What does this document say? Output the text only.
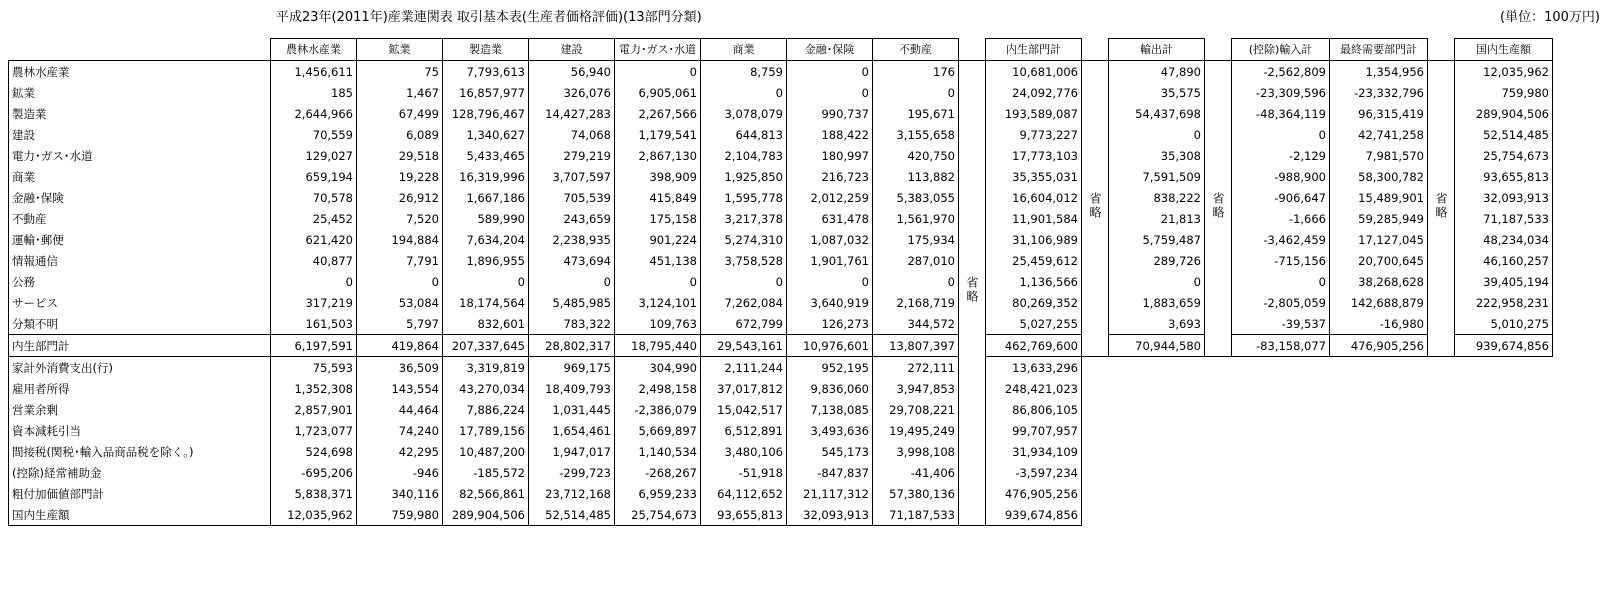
平成23年(2011年)産業連関表 取引基本表(生産者価格評価)(13部門分類)	(単位：100万円)
	農林水産業	鉱業	製造業	建設	電力･ガス･水道	商業	金融･保険	不動産		内生部門計		輸出計		(控除)輸入計	最終需要部門計		国内生産額
農林水産業	1,456,611	75	7,793,613	56,940	0	8,759	0	176	省略	10,681,006	省略	47,890	省略	-2,562,809	1,354,956	省略	12,035,962
鉱業	185	1,467	16,857,977	326,076	6,905,061	0	0	0		24,092,776		35,575		-23,309,596	-23,332,796		759,980
製造業	2,644,966	67,499	128,796,467	14,427,283	2,267,566	3,078,079	990,737	195,671		193,589,087		54,437,698		-48,364,119	96,315,419		289,904,506
建設	70,559	6,089	1,340,627	74,068	1,179,541	644,813	188,422	3,155,658		9,773,227		0		0	42,741,258		52,514,485
電力･ガス･水道	129,027	29,518	5,433,465	279,219	2,867,130	2,104,783	180,997	420,750		17,773,103		35,308		-2,129	7,981,570		25,754,673
商業	659,194	19,228	16,319,996	3,707,597	398,909	1,925,850	216,723	113,882		35,355,031		7,591,509		-988,900	58,300,782		93,655,813
金融･保険	70,578	26,912	1,667,186	705,539	415,849	1,595,778	2,012,259	5,383,055		16,604,012		838,222		-906,647	15,489,901		32,093,913
不動産	25,452	7,520	589,990	243,659	175,158	3,217,378	631,478	1,561,970		11,901,584		21,813		-1,666	59,285,949		71,187,533
運輸･郵便	621,420	194,884	7,634,204	2,238,935	901,224	5,274,310	1,087,032	175,934		31,106,989		5,759,487		-3,462,459	17,127,045		48,234,034
情報通信	40,877	7,791	1,896,955	473,694	451,138	3,758,528	1,901,761	287,010		25,459,612		289,726		-715,156	20,700,645		46,160,257
公務	0	0	0	0	0	0	0	0		1,136,566		0		0	38,268,628		39,405,194
サービス	317,219	53,084	18,174,564	5,485,985	3,124,101	7,262,084	3,640,919	2,168,719		80,269,352		1,883,659		-2,805,059	142,688,879		222,958,231
分類不明	161,503	5,797	832,601	783,322	109,763	672,799	126,273	344,572		5,027,255		3,693		-39,537	-16,980		5,010,275
内生部門計	6,197,591	419,864	207,337,645	28,802,317	18,795,440	29,543,161	10,976,601	13,807,397		462,769,600		70,944,580		-83,158,077	476,905,256		939,674,856
家計外消費支出(行)	75,593	36,509	3,319,819	969,175	304,990	2,111,244	952,195	272,111		13,633,296							
雇用者所得	1,352,308	143,554	43,270,034	18,409,793	2,498,158	37,017,812	9,836,060	3,947,853		248,421,023							
営業余剰	2,857,901	44,464	7,886,224	1,031,445	-2,386,079	15,042,517	7,138,085	29,708,221		86,806,105							
資本減耗引当	1,723,077	74,240	17,789,156	1,654,461	5,669,897	6,512,891	3,493,636	19,495,249		99,707,957							
間接税(関税･輸入品商品税を除く｡)	524,698	42,295	10,487,200	1,947,017	1,140,534	3,480,106	545,173	3,998,108		31,934,109							
(控除)経常補助金	-695,206	-946	-185,572	-299,723	-268,267	-51,918	-847,837	-41,406		-3,597,234							
粗付加価値部門計	5,838,371	340,116	82,566,861	23,712,168	6,959,233	64,112,652	21,117,312	57,380,136		476,905,256							
国内生産額	12,035,962	759,980	289,904,506	52,514,485	25,754,673	93,655,813	32,093,913	71,187,533		939,674,856							
